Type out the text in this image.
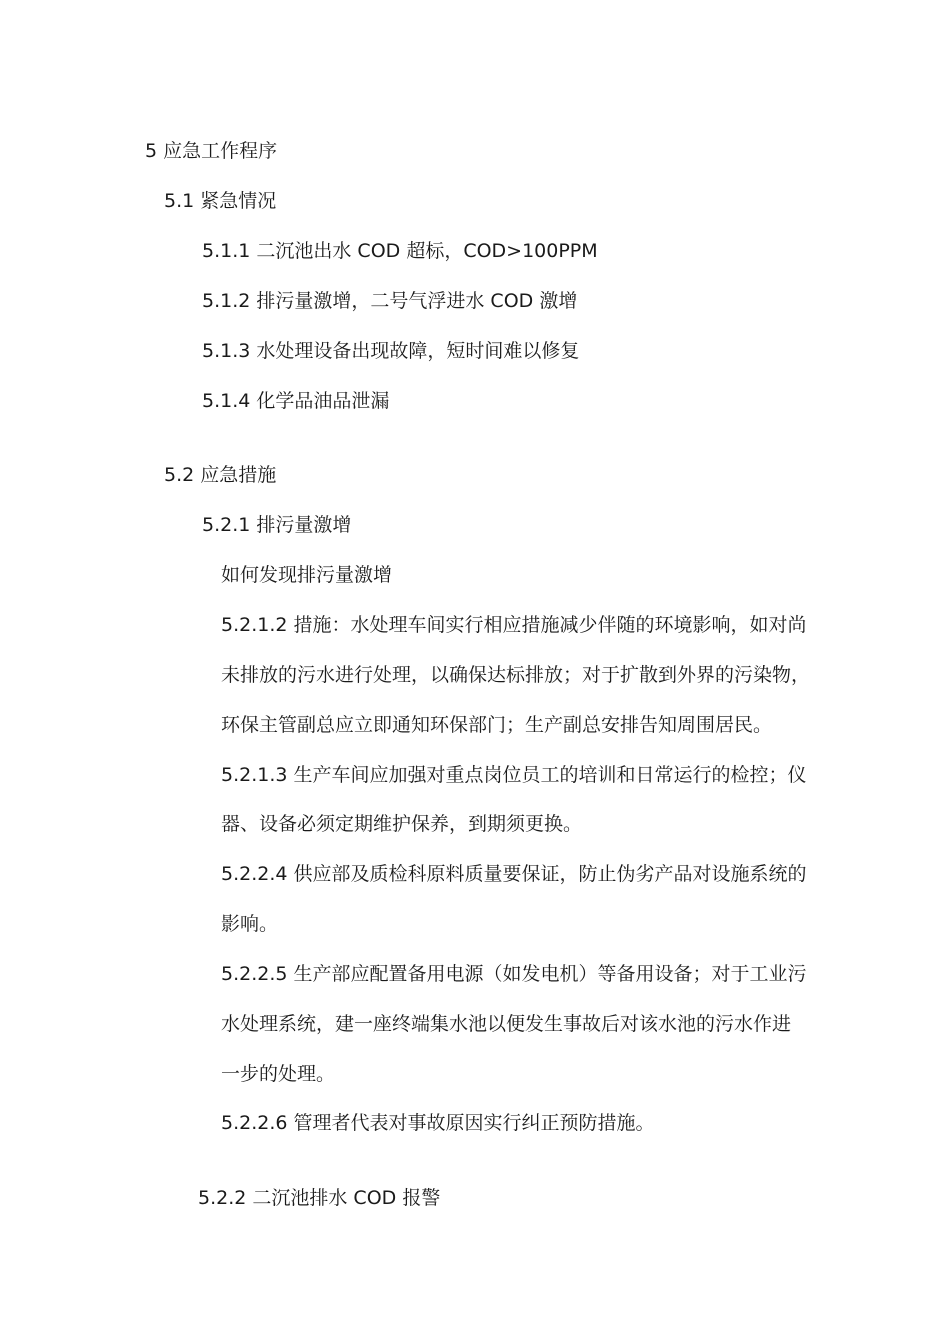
5 应急工作程序
5.1 紧急情况
5.1.1 二沉池出水 COD 超标，COD>100PPM
5.1.2 排污量激增，二号气浮进水 COD 激增
5.1.3 水处理设备出现故障，短时间难以修复
5.1.4 化学品油品泄漏
5.2 应急措施
5.2.1 排污量激增
如何发现排污量激增
5.2.1.2 措施：水处理车间实行相应措施减少伴随的环境影响，如对尚
未排放的污水进行处理，以确保达标排放；对于扩散到外界的污染物，
环保主管副总应立即通知环保部门；生产副总安排告知周围居民。
5.2.1.3 生产车间应加强对重点岗位员工的培训和日常运行的检控；仪
器、设备必须定期维护保养，到期须更换。
5.2.2.4 供应部及质检科原料质量要保证，防止伪劣产品对设施系统的
影响。
5.2.2.5 生产部应配置备用电源（如发电机）等备用设备；对于工业污
水处理系统，建一座终端集水池以便发生事故后对该水池的污水作进
一步的处理。
5.2.2.6 管理者代表对事故原因实行纠正预防措施。
5.2.2 二沉池排水 COD 报警
